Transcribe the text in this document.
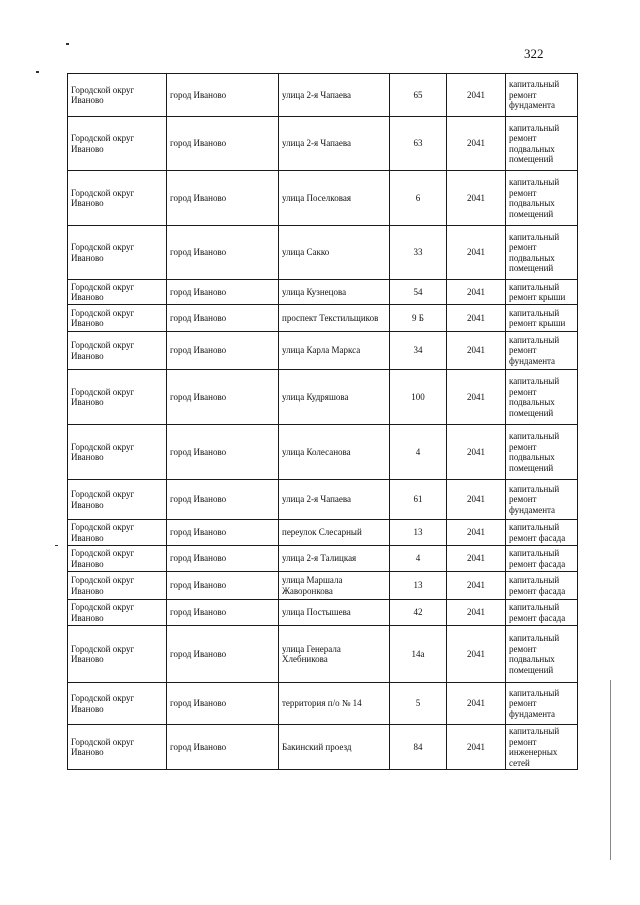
322
Городской округ Иваново	город Иваново	улица 2-я Чапаева	65	2041	капитальный ремонт фундамента
Городской округ Иваново	город Иваново	улица 2-я Чапаева	63	2041	капитальный ремонт подвальных помещений
Городской округ Иваново	город Иваново	улица Поселковая	6	2041	капитальный ремонт подвальных помещений
Городской округ Иваново	город Иваново	улица Сакко	33	2041	капитальный ремонт подвальных помещений
Городской округ Иваново	город Иваново	улица Кузнецова	54	2041	капитальный ремонт крыши
Городской округ Иваново	город Иваново	проспект Текстильщиков	9 Б	2041	капитальный ремонт крыши
Городской округ Иваново	город Иваново	улица Карла Маркса	34	2041	капитальный ремонт фундамента
Городской округ Иваново	город Иваново	улица Кудряшова	100	2041	капитальный ремонт подвальных помещений
Городской округ Иваново	город Иваново	улица Колесанова	4	2041	капитальный ремонт подвальных помещений
Городской округ Иваново	город Иваново	улица 2-я Чапаева	61	2041	капитальный ремонт фундамента
Городской округ Иваново	город Иваново	переулок Слесарный	13	2041	капитальный ремонт фасада
Городской округ Иваново	город Иваново	улица 2-я Талицкая	4	2041	капитальный ремонт фасада
Городской округ Иваново	город Иваново	улица Маршала Жаворонкова	13	2041	капитальный ремонт фасада
Городской округ Иваново	город Иваново	улица Постышева	42	2041	капитальный ремонт фасада
Городской округ Иваново	город Иваново	улица Генерала Хлебникова	14а	2041	капитальный ремонт подвальных помещений
Городской округ Иваново	город Иваново	территория п/о № 14	5	2041	капитальный ремонт фундамента
Городской округ Иваново	город Иваново	Бакинский проезд	84	2041	капитальный ремонт инженерных сетей
